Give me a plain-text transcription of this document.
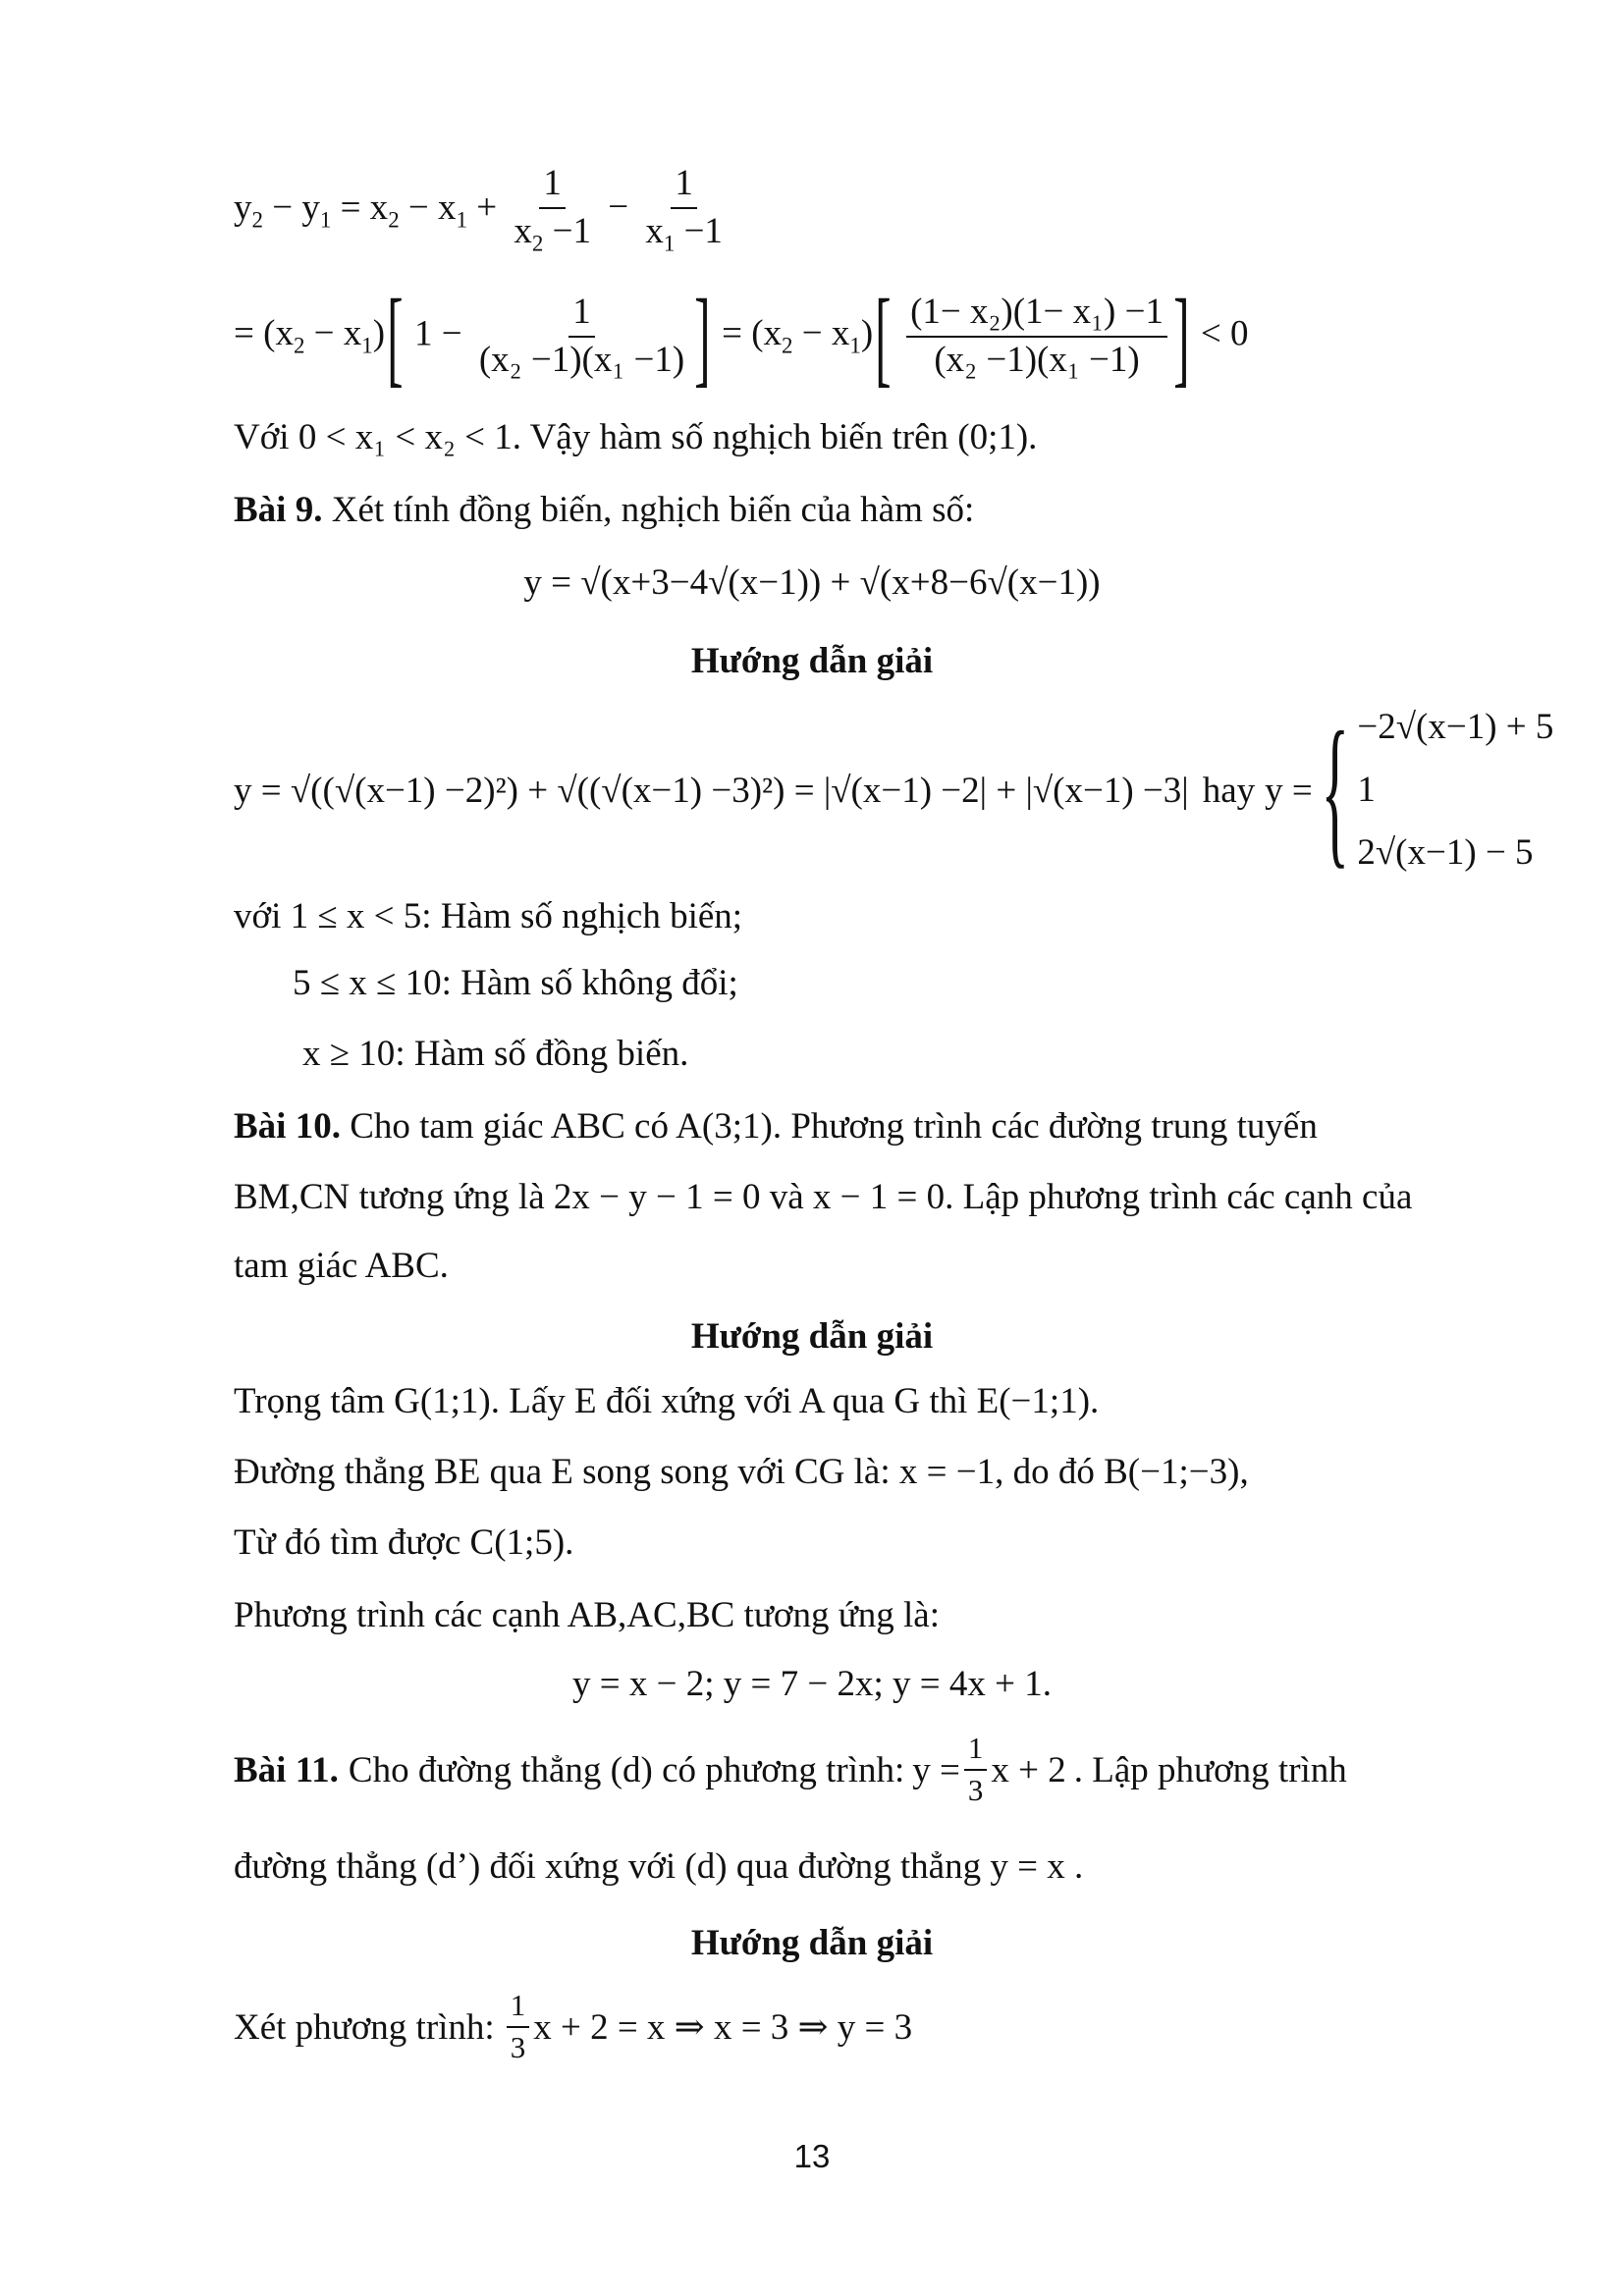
$y_2 - y_1 = x_2 - x_1 + \frac{1}{x_2 -1} - \frac{1}{x_1 -1}$
= $(x_2 - x_1)$[ $1 - \frac{1}{\text{(x₂ −1)(x₁ −1)}}$ ] = $(x_2 - x_1)[ \frac{\text{(1− x₂)(1− x₁) −1}}{\text{(x₂ −1)(x₁ −1)}}$ ] < 0
Với 0 < x₁ < x₂ < 1. Vậy hàm số nghịch biến trên (0;1).
Bài 9. Xét tính đồng biến, nghịch biến của hàm số:
y = √(x+3−4√(x−1)) + √(x+8−6√(x−1))
Hướng dẫn giải
y = √((√(x−1) −2)²) + √((√(x−1) −3)²) = |√(x−1) −2| + |√(x−1) −3| hay y = { −2√(x−1) + 5
1
2√(x−1) − 5
với 1 ≤ x < 5: Hàm số nghịch biến;
5 ≤ x ≤ 10: Hàm số không đổi;
x ≥ 10: Hàm số đồng biến.
Bài 10. Cho tam giác ABC có A(3;1). Phương trình các đường trung tuyến
BM,CN tương ứng là 2x − y − 1 = 0 và x − 1 = 0. Lập phương trình các cạnh của
tam giác ABC.
Hướng dẫn giải
Trọng tâm G(1;1). Lấy E đối xứng với A qua G thì E(−1;1).
Đường thẳng BE qua E song song với CG là: x = −1, do đó B(−1;−3),
Từ đó tìm được C(1;5).
Phương trình các cạnh AB,AC,BC tương ứng là:
y = x − 2; y = 7 − 2x; y = 4x + 1.
Bài 11. Cho đường thẳng (d) có phương trình: $y = \frac{1}{3}$ x + 2 . Lập phương trình
đường thẳng (d’) đối xứng với (d) qua đường thẳng y = x .
Hướng dẫn giải
Xét phương trình: $\frac{1}{3}$ x + 2 = x ⇒ x = 3 ⇒ y = 3
13
